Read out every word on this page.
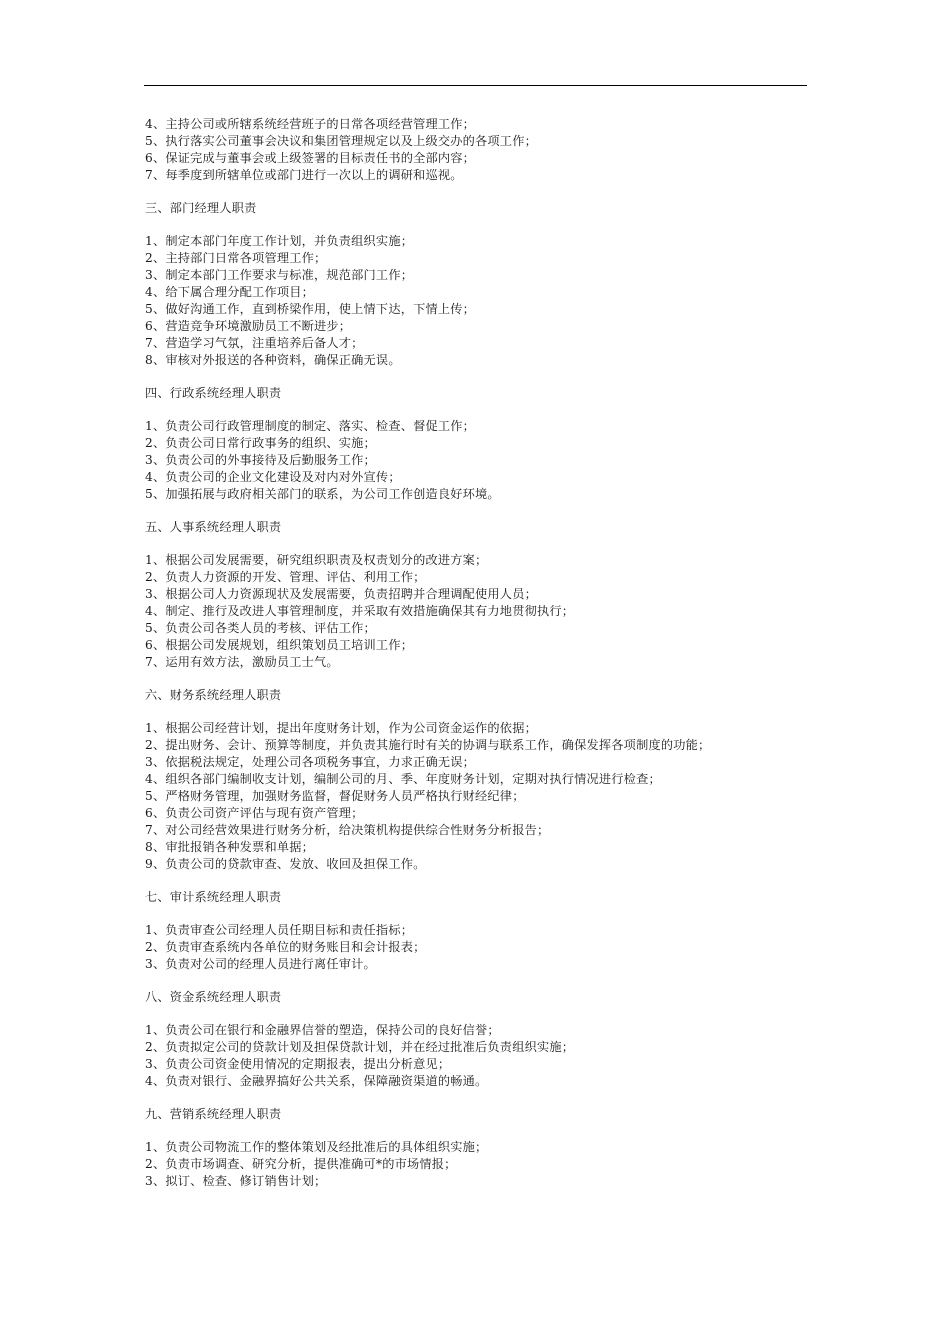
4、主持公司或所辖系统经营班子的日常各项经营管理工作；
5、执行落实公司董事会决议和集团管理规定以及上级交办的各项工作；
6、保证完成与董事会或上级签署的目标责任书的全部内容；
7、每季度到所辖单位或部门进行一次以上的调研和巡视。
三、部门经理人职责
1、制定本部门年度工作计划，并负责组织实施；
2、主持部门日常各项管理工作；
3、制定本部门工作要求与标准，规范部门工作；
4、给下属合理分配工作项目；
5、做好沟通工作，直到桥梁作用，使上情下达，下情上传；
6、营造竞争环境激励员工不断进步；
7、营造学习气氛，注重培养后备人才；
8、审核对外报送的各种资料，确保正确无误。
四、行政系统经理人职责
1、负责公司行政管理制度的制定、落实、检查、督促工作；
2、负责公司日常行政事务的组织、实施；
3、负责公司的外事接待及后勤服务工作；
4、负责公司的企业文化建设及对内对外宣传；
5、加强拓展与政府相关部门的联系，为公司工作创造良好环境。
五、人事系统经理人职责
1、根据公司发展需要，研究组织职责及权责划分的改进方案；
2、负责人力资源的开发、管理、评估、利用工作；
3、根据公司人力资源现状及发展需要，负责招聘并合理调配使用人员；
4、制定、推行及改进人事管理制度，并采取有效措施确保其有力地贯彻执行；
5、负责公司各类人员的考核、评估工作；
6、根据公司发展规划，组织策划员工培训工作；
7、运用有效方法，激励员工士气。
六、财务系统经理人职责
1、根据公司经营计划，提出年度财务计划，作为公司资金运作的依据；
2、提出财务、会计、预算等制度，并负责其施行时有关的协调与联系工作，确保发挥各项制度的功能；
3、依据税法规定，处理公司各项税务事宜，力求正确无误；
4、组织各部门编制收支计划，编制公司的月、季、年度财务计划，定期对执行情况进行检查；
5、严格财务管理，加强财务监督，督促财务人员严格执行财经纪律；
6、负责公司资产评估与现有资产管理；
7、对公司经营效果进行财务分析，给决策机构提供综合性财务分析报告；
8、审批报销各种发票和单据；
9、负责公司的贷款审查、发放、收回及担保工作。
七、审计系统经理人职责
1、负责审查公司经理人员任期目标和责任指标；
2、负责审查系统内各单位的财务账目和会计报表；
3、负责对公司的经理人员进行离任审计。
八、资金系统经理人职责
1、负责公司在银行和金融界信誉的塑造，保持公司的良好信誉；
2、负责拟定公司的贷款计划及担保贷款计划，并在经过批准后负责组织实施；
3、负责公司资金使用情况的定期报表，提出分析意见；
4、负责对银行、金融界搞好公共关系，保障融资渠道的畅通。
九、营销系统经理人职责
1、负责公司物流工作的整体策划及经批准后的具体组织实施；
2、负责市场调查、研究分析，提供准确可*的市场情报；
3、拟订、检查、修订销售计划；
